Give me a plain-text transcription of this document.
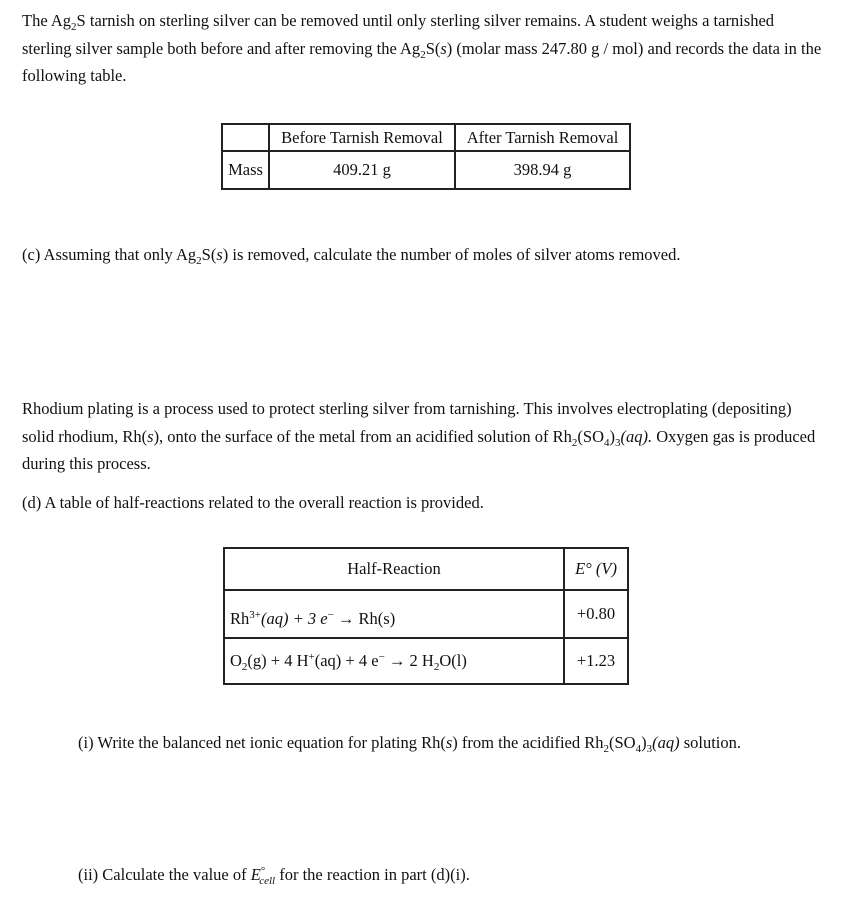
The $Ag_2S$ tarnish on sterling silver can be removed until only sterling silver remains. A student weighs a tarnished sterling silver sample both before and after removing the $Ag_2S(s)$ (molar mass 247.80 g / mol) and records the data in the following table.

	Before Tarnish Removal	After Tarnish Removal
Mass	409.21 g	398.94 g

(c) Assuming that only $Ag_2S(s)$ is removed, calculate the number of moles of silver atoms removed.

Rhodium plating is a process used to protect sterling silver from tarnishing. This involves electroplating (depositing) solid rhodium, Rh(s), onto the surface of the metal from an acidified solution of $Rh_2(SO_4)_3(aq)$. Oxygen gas is produced during this process.

(d) A table of half-reactions related to the overall reaction is provided.

Half-Reaction	E° (V)
$Rh^{3+}(aq) + 3$ e− → Rh(s)	+0.80
$O_2(g) + 4$ H+(aq) + 4 e− → 2 $H_2O(l)$	+1.23

(i) Write the balanced net ionic equation for plating Rh(s) from the acidified $Rh_2(SO_4)_3(aq)$ solution.

(ii) Calculate the value of $E^\circ_{cell}$ for the reaction in part (d)(i).
